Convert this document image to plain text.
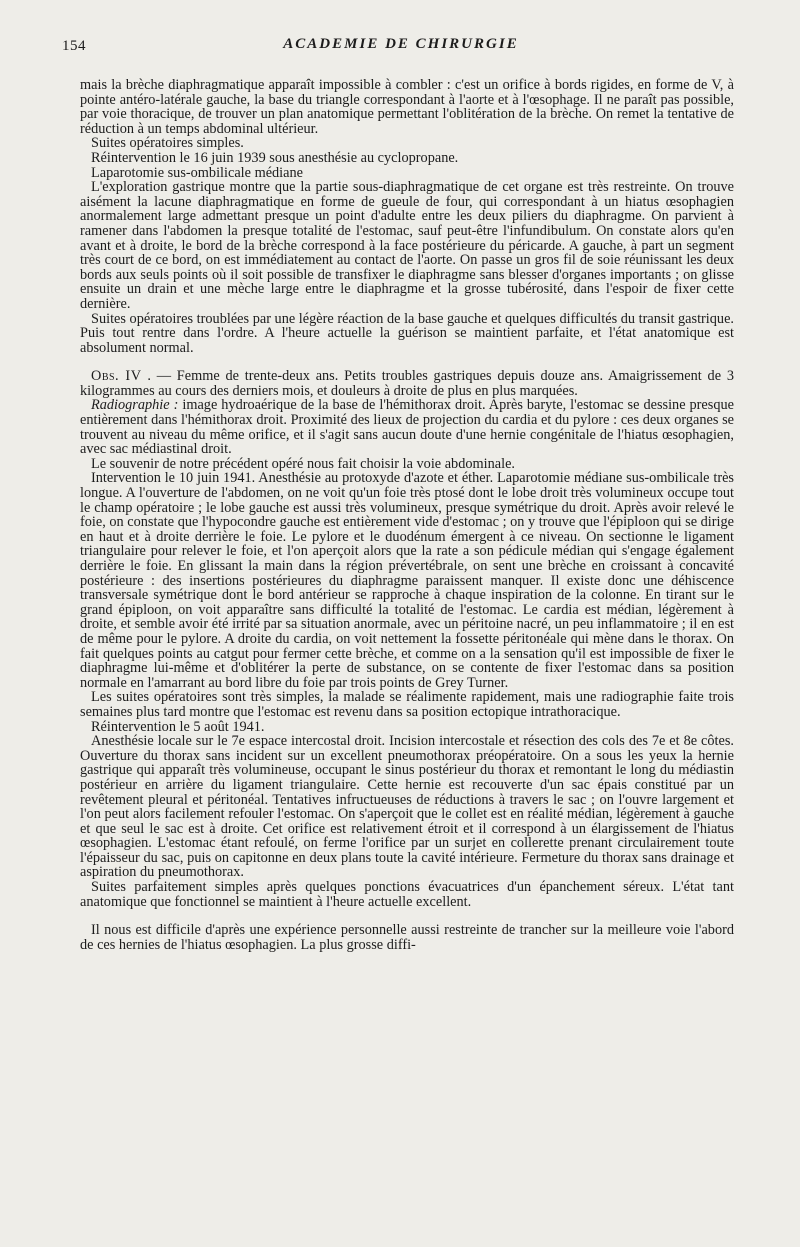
154	ACADEMIE DE CHIRURGIE

mais la brèche diaphragmatique apparaît impossible à combler : c'est un orifice à bords rigides, en forme de V, à pointe antéro-latérale gauche, la base du triangle correspondant à l'aorte et à l'œsophage. Il ne paraît pas possible, par voie thoracique, de trouver un plan anatomique permettant l'oblitération de la brèche. On remet la tentative de réduction à un temps abdominal ultérieur.

Suites opératoires simples.

Réintervention le 16 juin 1939 sous anesthésie au cyclopropane.

Laparotomie sus-ombilicale médiane

L'exploration gastrique montre que la partie sous-diaphragmatique de cet organe est très restreinte. On trouve aisément la lacune diaphragmatique en forme de gueule de four, qui correspondant à un hiatus œsophagien anormalement large admettant presque un point d'adulte entre les deux piliers du diaphragme. On parvient à ramener dans l'abdomen la presque totalité de l'estomac, sauf peut-être l'infundibulum. On constate alors qu'en avant et à droite, le bord de la brèche correspond à la face postérieure du péricarde. A gauche, à part un segment très court de ce bord, on est immédiatement au contact de l'aorte. On passe un gros fil de soie réunissant les deux bords aux seuls points où il soit possible de transfixer le diaphragme sans blesser d'organes importants ; on glisse ensuite un drain et une mèche large entre le diaphragme et la grosse tubérosité, dans l'espoir de fixer cette dernière.

Suites opératoires troublées par une légère réaction de la base gauche et quelques difficultés du transit gastrique. Puis tout rentre dans l'ordre. A l'heure actuelle la guérison se maintient parfaite, et l'état anatomique est absolument normal.

Obs. IV . — Femme de trente-deux ans. Petits troubles gastriques depuis douze ans. Amaigrissement de 3 kilogrammes au cours des derniers mois, et douleurs à droite de plus en plus marquées.

Radiographie : image hydroaérique de la base de l'hémithorax droit. Après baryte, l'estomac se dessine presque entièrement dans l'hémithorax droit. Proximité des lieux de projection du cardia et du pylore : ces deux organes se trouvent au niveau du même orifice, et il s'agit sans aucun doute d'une hernie congénitale de l'hiatus œsophagien, avec sac médiastinal droit.

Le souvenir de notre précédent opéré nous fait choisir la voie abdominale.

Intervention le 10 juin 1941. Anesthésie au protoxyde d'azote et éther. Laparotomie médiane sus-ombilicale très longue. A l'ouverture de l'abdomen, on ne voit qu'un foie très ptosé dont le lobe droit très volumineux occupe tout le champ opératoire ; le lobe gauche est aussi très volumineux, presque symétrique du droit. Après avoir relevé le foie, on constate que l'hypocondre gauche est entièrement vide d'estomac ; on y trouve que l'épiploon qui se dirige en haut et à droite derrière le foie. Le pylore et le duodénum émergent à ce niveau. On sectionne le ligament triangulaire pour relever le foie, et l'on aperçoit alors que la rate a son pédicule médian qui s'engage également derrière le foie. En glissant la main dans la région prévertébrale, on sent une brèche en croissant à concavité postérieure : des insertions postérieures du diaphragme paraissent manquer. Il existe donc une déhiscence transversale symétrique dont le bord antérieur se rapproche à chaque inspiration de la colonne. En tirant sur le grand épiploon, on voit apparaître sans difficulté la totalité de l'estomac. Le cardia est médian, légèrement à droite, et semble avoir été irrité par sa situation anormale, avec un péritoine nacré, un peu inflammatoire ; il en est de même pour le pylore. A droite du cardia, on voit nettement la fossette péritonéale qui mène dans le thorax. On fait quelques points au catgut pour fermer cette brèche, et comme on a la sensation qu'il est impossible de fixer le diaphragme lui-même et d'oblitérer la perte de substance, on se contente de fixer l'estomac dans sa position normale en l'amarrant au bord libre du foie par trois points de Grey Turner.

Les suites opératoires sont très simples, la malade se réalimente rapidement, mais une radiographie faite trois semaines plus tard montre que l'estomac est revenu dans sa position ectopique intrathoracique.

Réintervention le 5 août 1941.

Anesthésie locale sur le 7e espace intercostal droit. Incision intercostale et résection des cols des 7e et 8e côtes. Ouverture du thorax sans incident sur un excellent pneumothorax préopératoire. On a sous les yeux la hernie gastrique qui apparaît très volumineuse, occupant le sinus postérieur du thorax et remontant le long du médiastin postérieur en arrière du ligament triangulaire. Cette hernie est recouverte d'un sac épais constitué par un revêtement pleural et péritonéal. Tentatives infructueuses de réductions à travers le sac ; on l'ouvre largement et l'on peut alors facilement refouler l'estomac. On s'aperçoit que le collet est en réalité médian, légèrement à gauche et que seul le sac est à droite. Cet orifice est relativement étroit et il correspond à un élargissement de l'hiatus œsophagien. L'estomac étant refoulé, on ferme l'orifice par un surjet en collerette prenant circulairement toute l'épaisseur du sac, puis on capitonne en deux plans toute la cavité intérieure. Fermeture du thorax sans drainage et aspiration du pneumothorax.

Suites parfaitement simples après quelques ponctions évacuatrices d'un épanchement séreux. L'état tant anatomique que fonctionnel se maintient à l'heure actuelle excellent.

Il nous est difficile d'après une expérience personnelle aussi restreinte de trancher sur la meilleure voie l'abord de ces hernies de l'hiatus œsophagien. La plus grosse diffi-
